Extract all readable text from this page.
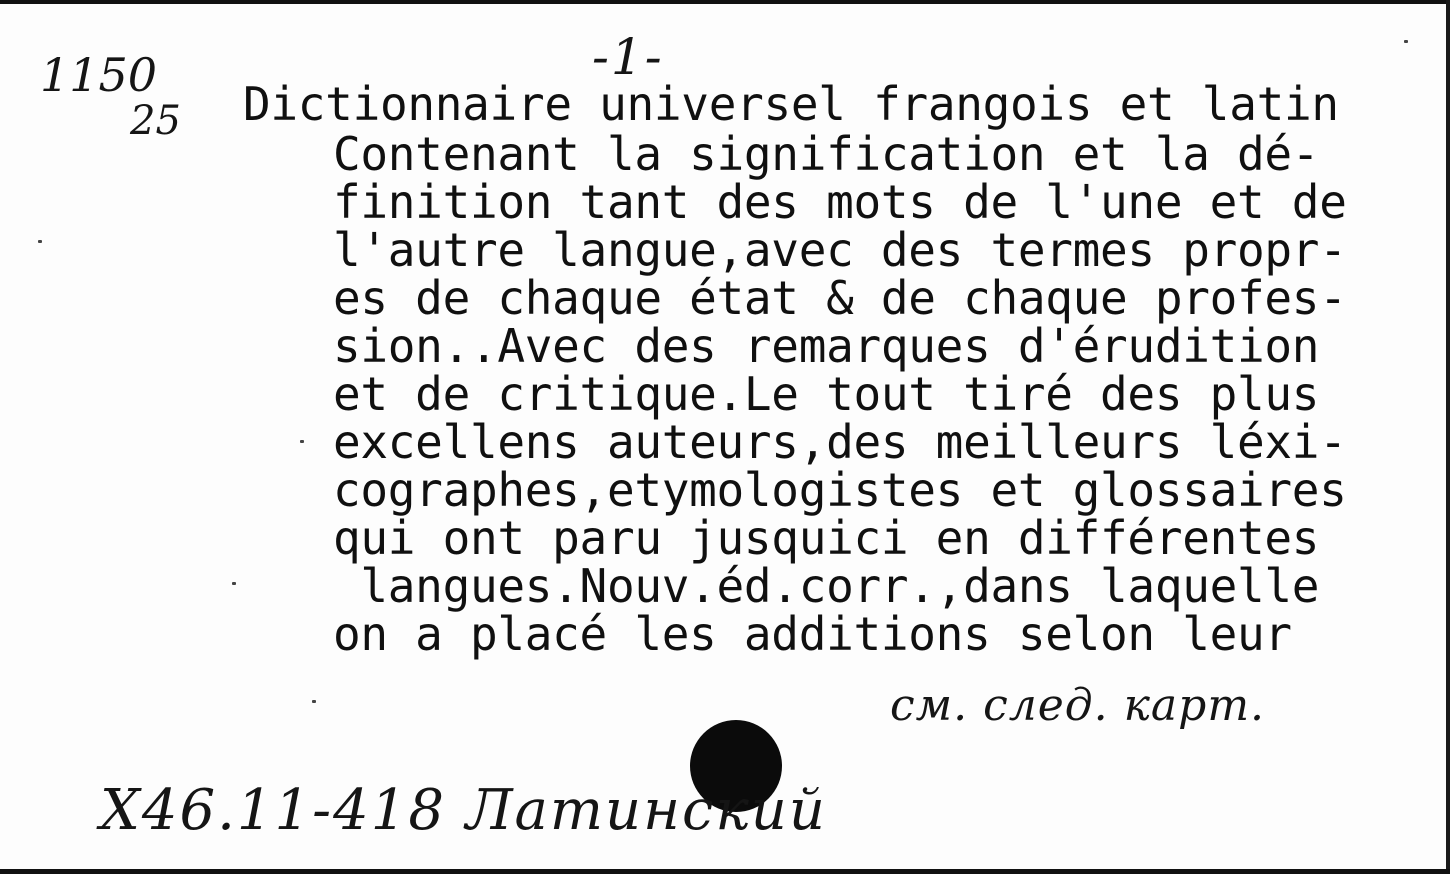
-1-
1150
25 Dictionnaire universel frangois et latin
Contenant la signification et la dé-
finition tant des mots de l'une et de
l'autre langue,avec des termes propr-
es de chaque état & de chaque profes-
sion..Avec des remarques d'érudition
et de critique.Le tout tiré des plus
excellens auteurs,des meilleurs léxi-
cographes,etymologistes et glossaires
qui ont paru jusquici en différentes
langues.Nouv.éd.corr.,dans laquelle
on a placé les additions selon leur
см. след. карт.
Х46.11-418 Латинский
